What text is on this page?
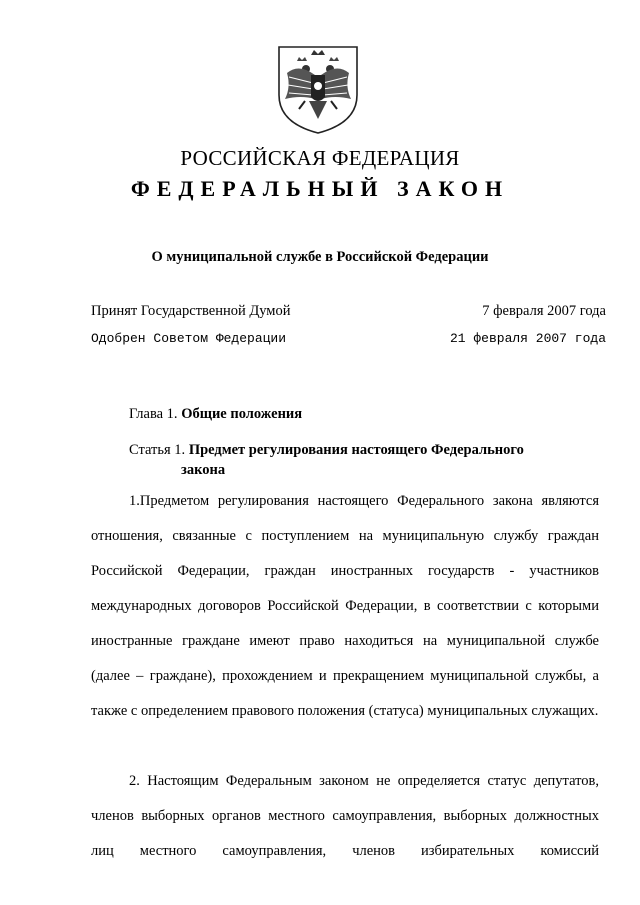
РОССИЙСКАЯ ФЕДЕРАЦИЯ
ФЕДЕРАЛЬНЫЙ ЗАКОН
О муниципальной службе в Российской Федерации
Принят Государственной Думой	7 февраля 2007 года
Одобрен Советом Федерации	21 февраля 2007 года
Глава 1. Общие положения
Статья 1. Предмет регулирования настоящего Федерального
закона
1.Предметом регулирования настоящего Федерального закона являются отношения, связанные с поступлением на муниципальную службу граждан Российской Федерации, граждан иностранных государств - участников международных договоров Российской Федерации, в соответствии с которыми иностранные граждане имеют право находиться на муниципальной службе (далее – граждане), прохождением и прекращением муниципальной службы, а также с определением правового положения (статуса) муниципальных служащих.
2. Настоящим Федеральным законом не определяется статус депутатов, членов выборных органов местного самоуправления, выборных должностных лиц местного самоуправления, членов избирательных комиссий
